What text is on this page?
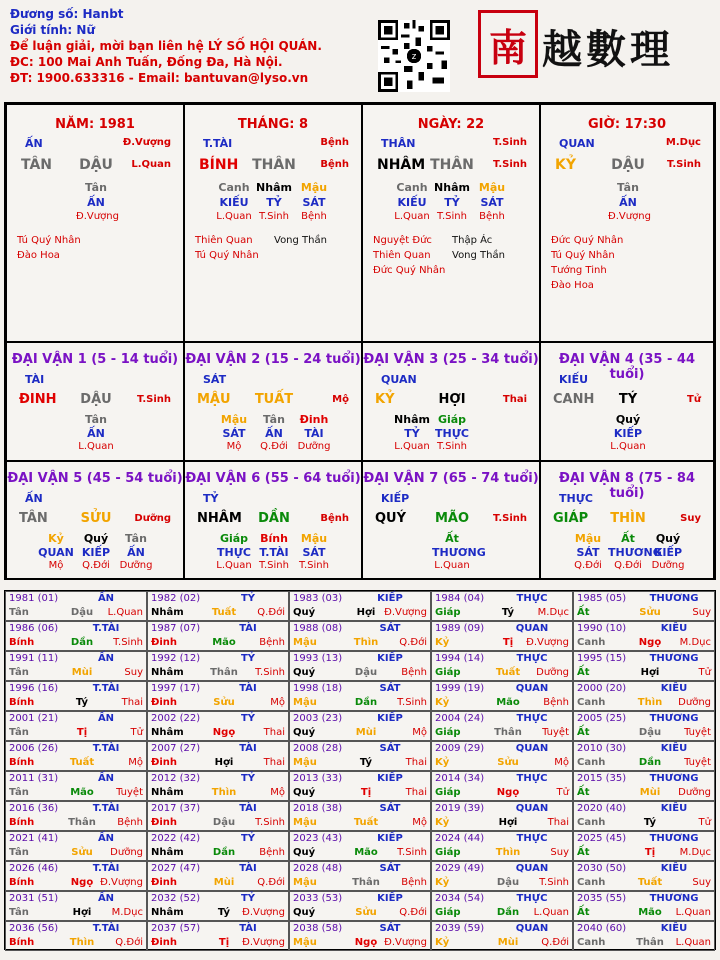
Đương số: Hanbt
Giới tính: Nữ
Để luận giải, mời bạn liên hệ LÝ SỐ HỘI QUÁN.
ĐC: 100 Mai Anh Tuấn, Đống Đa, Hà Nội.
ĐT: 1900.633316 - Email: bantuvan@lyso.vn
z 南 越數理
NĂM: 1981
ẤN	Đ.Vượng
TÂN	DẬU	L.Quan
Tân
ẤN
Đ.Vượng
Tú Quý Nhân
Đào Hoa
THÁNG: 8
T.TÀI	Bệnh
BÍNH THÂN Bệnh
Canh Nhâm Mậu
KIẾU	TỶ	SÁT
L.Quan T.Sinh	Bệnh
Thiên Quan
Tú Quý Nhân
Vong Thần
NGÀY: 22
THÂN	T.Sinh
NHÂM THÂN T.Sinh
Canh Nhâm Mậu
KIẾU	TỶ	SÁT
L.Quan T.Sinh	Bệnh
Nguyệt Đức
Thiên Quan
Đức Quý Nhân
Thập Ác
Vong Thần
GIỜ: 17:30
QUAN	M.Dục
KỶ	DẬU	T.Sinh
Tân
ẤN
Đ.Vượng
Đức Quý Nhân
Tú Quý Nhân
Tướng Tinh
Đào Hoa
ĐẠI VẬN 1 (5 - 14 tuổi)
TÀI
ĐINH	DẬU	T.Sinh
Tân
ẤN
L.Quan
ĐẠI VẬN 2 (15 - 24 tuổi)
SÁT
MẬU	TUẤT	Mộ
Mậu	Tân	Đinh
SÁT	ẤN	TÀI
Mộ	Q.Đới Dưỡng
ĐẠI VẬN 3 (25 - 34 tuổi)
QUAN
KỶ	HỢI	Thai
Nhâm Giáp
TỶ	THỰC
L.Quan T.Sinh
ĐẠI VẬN 4 (35 - 44 tuổi)
KIẾU
CANH	TÝ	Tử
Quý
KIẾP
L.Quan
ĐẠI VẬN 5 (45 - 54 tuổi)
ẤN
TÂN	SỬU	Dưỡng
Kỷ	Quý	Tân
QUAN KIẾP	ẤN
Mộ	Q.Đới Dưỡng
ĐẠI VẬN 6 (55 - 64 tuổi)
TỶ
NHÂM	DẦN	Bệnh
Giáp	Bính	Mậu
THỰC T.TÀI	SÁT
L.Quan T.Sinh	T.Sinh
ĐẠI VẬN 7 (65 - 74 tuổi)
KIẾP
QUÝ	MÃO	T.Sinh
Ất
THƯƠNG
L.Quan
ĐẠI VẬN 8 (75 - 84 tuổi)
THỰC
GIÁP	THÌN	Suy
Mậu	Ất	Quý
SÁT THƯƠNG
KIẾP
Q.Đới	Q.Đới Dưỡng
1981 (01)	ẤN
Tân	Dậu	L.Quan
1982 (02)	TỶ
Nhâm	Tuất	Q.Đới
1983 (03)	KIẾP
Quý	Hợi Đ.Vượng
1984 (04)	THỰC
Giáp	Tý	M.Dục
1985 (05)	THƯƠNG
Ất	Sửu	Suy
1986 (06)	T.TÀI
Bính	Dần	T.Sinh
1987 (07)	TÀI
Đinh	Mão	Bệnh
1988 (08)	SÁT
Mậu	Thìn	Q.Đới
1989 (09)	QUAN
Kỷ	Tị	Đ.Vượng
1990 (10)	KIÊU
Canh	Ngọ	M.Dục
1991 (11)	ẤN
Tân	Mùi	Suy
1992 (12)	TỶ
Nhâm	Thân	T.Sinh
1993 (13)	KIẾP
Quý	Dậu	Bệnh
1994 (14)	THỰC
Giáp	Tuất	Dưỡng
1995 (15)	THƯƠNG
Ất	Hợi	Tử
1996 (16)	T.TÀI
Bính	Tý	Thai
1997 (17)	TÀI
Đinh	Sửu	Mộ
1998 (18)	SÁT
Mậu	Dần	T.Sinh
1999 (19)	QUAN
Kỷ	Mão	Bệnh
2000 (20)	KIÊU
Canh	Thìn	Dưỡng
2001 (21)	ẤN
Tân	Tị	Tử
2002 (22)	TỶ
Nhâm	Ngọ	Thai
2003 (23)	KIẾP
Quý	Mùi	Mộ
2004 (24)	THỰC
Giáp	Thân	Tuyệt
2005 (25)	THƯƠNG
Ất	Dậu	Tuyệt
2006 (26)	T.TÀI
Bính	Tuất	Mộ
2007 (27)	TÀI
Đinh	Hợi	Thai
2008 (28)	SÁT
Mậu	Tý	Thai
2009 (29)	QUAN
Kỷ	Sửu	Mộ
2010 (30)	KIÊU
Canh	Dần	Tuyệt
2011 (31)	ẤN
Tân	Mão	Tuyệt
2012 (32)	TỶ
Nhâm	Thìn	Mộ
2013 (33)	KIẾP
Quý	Tị	Thai
2014 (34)	THỰC
Giáp	Ngọ	Tử
2015 (35)	THƯƠNG
Ất	Mùi	Dưỡng
2016 (36)	T.TÀI
Bính	Thân	Bệnh
2017 (37)	TÀI
Đinh	Dậu	T.Sinh
2018 (38)	SÁT
Mậu	Tuất	Mộ
2019 (39)	QUAN
Kỷ	Hợi	Thai
2020 (40)	KIÊU
Canh	Tý	Tử
2021 (41)	ẤN
Tân	Sửu	Dưỡng
2022 (42)	TỶ
Nhâm	Dần	Bệnh
2023 (43)	KIẾP
Quý	Mão	T.Sinh
2024 (44)	THỰC
Giáp	Thìn	Suy
2025 (45)	THƯƠNG
Ất	Tị	M.Dục
2026 (46)	T.TÀI
Bính	Ngọ Đ.Vượng
2027 (47)	TÀI
Đinh	Mùi	Q.Đới
2028 (48)	SÁT
Mậu	Thân	Bệnh
2029 (49)	QUAN
Kỷ	Dậu	T.Sinh
2030 (50)	KIÊU
Canh	Tuất	Suy
2031 (51)	ẤN
Tân	Hợi	M.Dục
2032 (52)	TỶ
Nhâm	Tý	Đ.Vượng
2033 (53)	KIẾP
Quý	Sửu	Q.Đới
2034 (54)	THỰC
Giáp	Dần	L.Quan
2035 (55)	THƯƠNG
Ất	Mão	L.Quan
2036 (56)	T.TÀI
Bính	Thìn	Q.Đới
2037 (57)	TÀI
Đinh	Tị	Đ.Vượng
2038 (58)	SÁT
Mậu	Ngọ Đ.Vượng
2039 (59)	QUAN
Kỷ	Mùi	Q.Đới
2040 (60)	KIÊU
Canh	Thân	L.Quan
